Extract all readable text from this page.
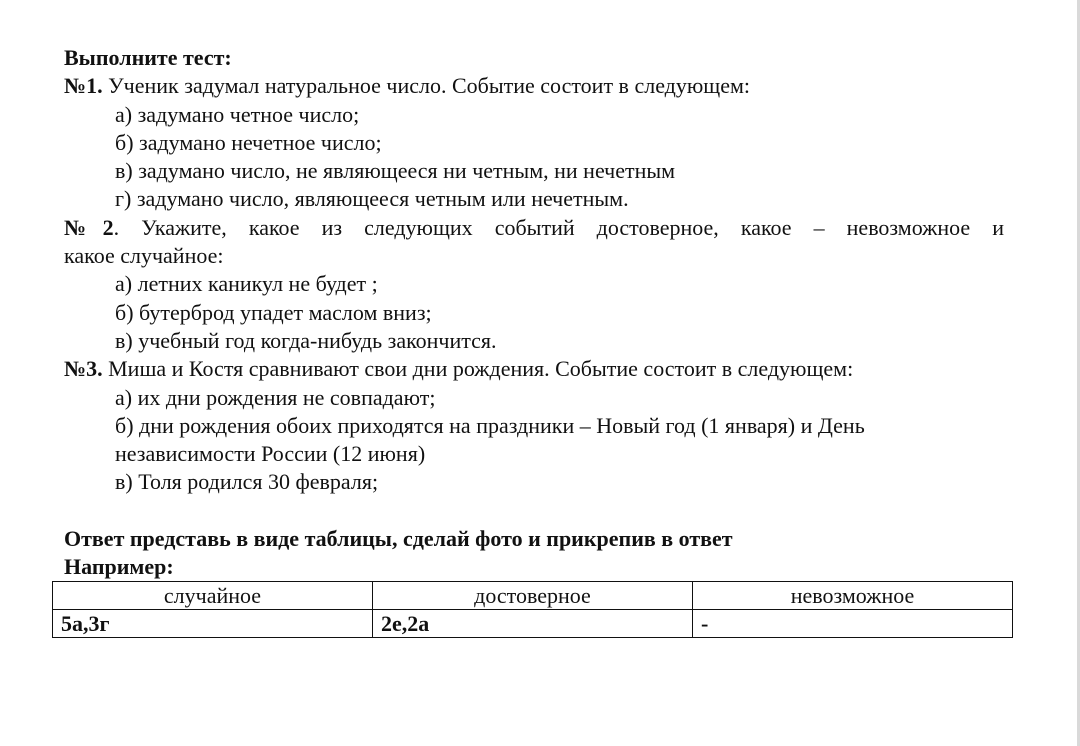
Выполните тест:
№1. Ученик задумал натуральное число. Событие состоит в следующем:
а) задумано четное число;
б) задумано нечетное число;
в) задумано число, не являющееся ни четным, ни нечетным
г) задумано число, являющееся четным или нечетным.
№2. Укажите, какое из следующих событий достоверное, какое – невозможное и
какое случайное:
а) летних каникул не будет ;
б) бутерброд упадет маслом вниз;
в) учебный год когда-нибудь закончится.
№3. Миша и Костя сравнивают свои дни рождения. Событие состоит в следующем:
а) их дни рождения не совпадают;
б) дни рождения обоих приходятся на праздники – Новый год (1 января) и День
независимости России (12 июня)
в) Толя родился 30 февраля;
Ответ представь в виде таблицы, сделай фото и прикрепив в ответ
Например:
случайное	достоверное	невозможное
5а,3г	2е,2а	-
